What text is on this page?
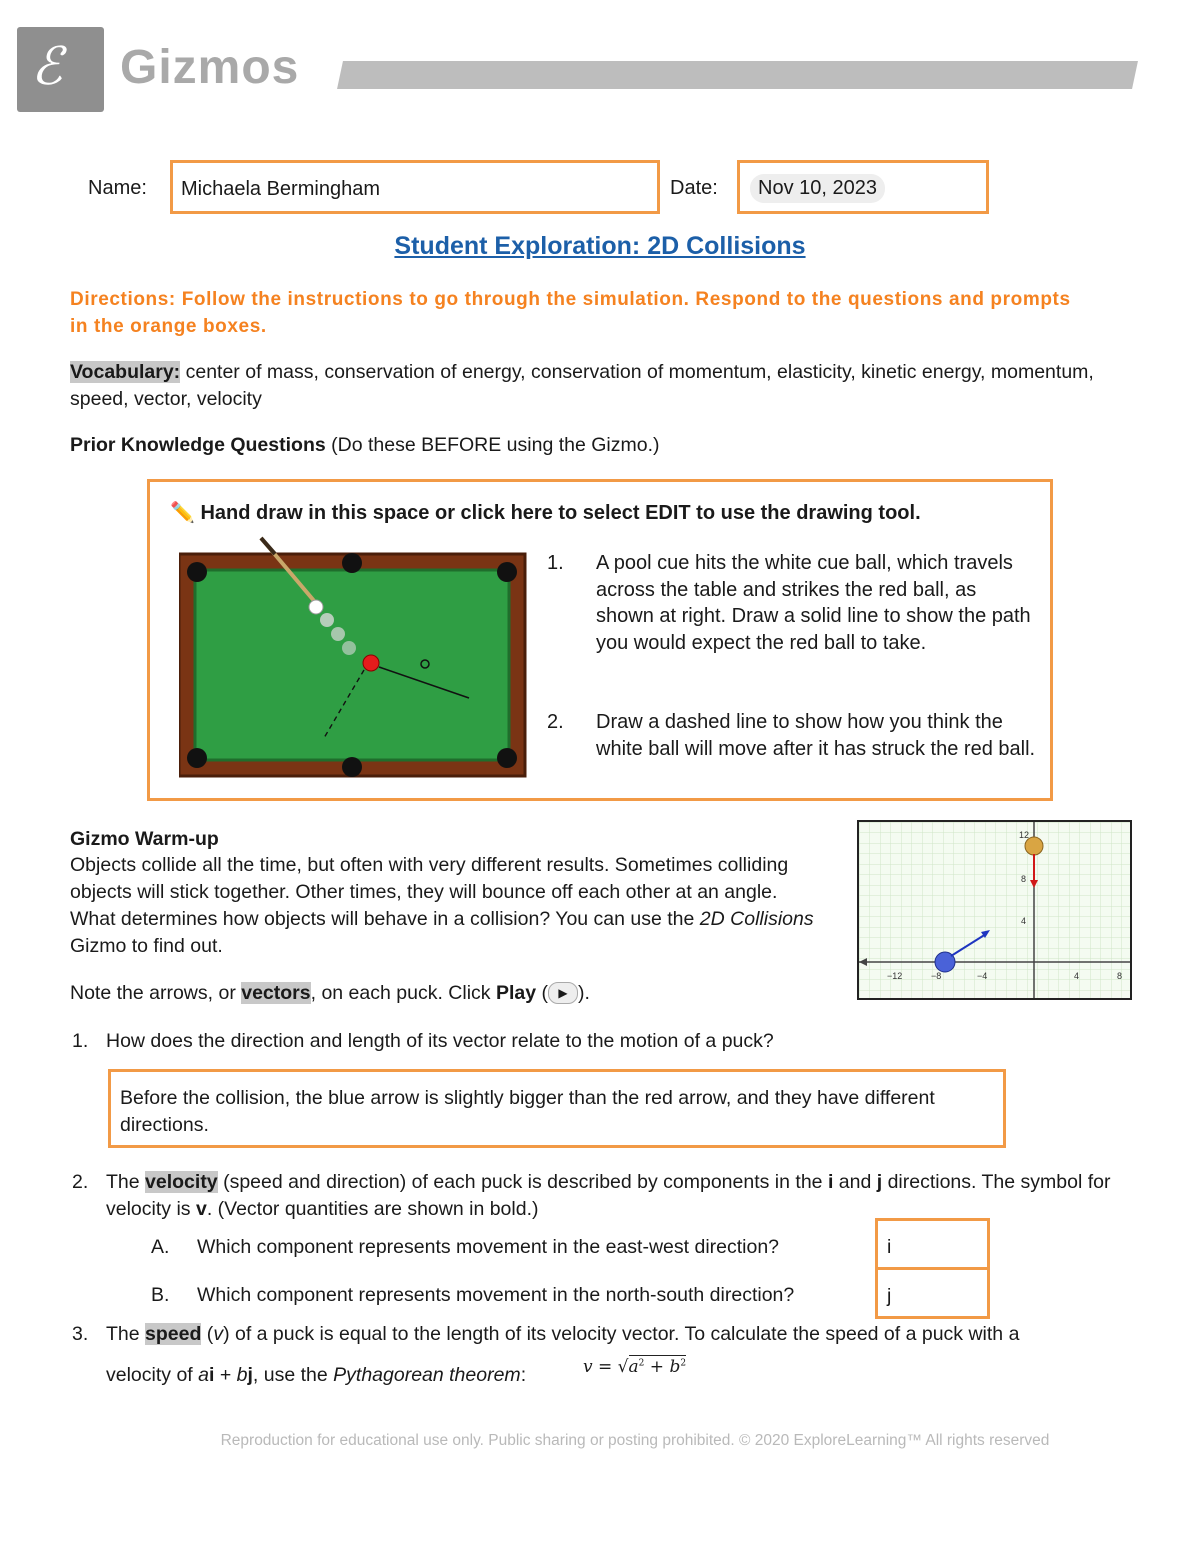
ℰ Gizmos
Name: Michaela Bermingham	Date:	Nov 10, 2023
Student Exploration: 2D Collisions
Directions: Follow the instructions to go through the simulation. Respond to the questions and prompts in the orange boxes.
Vocabulary: center of mass, conservation of energy, conservation of momentum, elasticity, kinetic energy, momentum, speed, vector, velocity
Prior Knowledge Questions (Do these BEFORE using the Gizmo.)
✏️ Hand draw in this space or click here to select EDIT to use the drawing tool.
1. A pool cue hits the white cue ball, which travels across the table and strikes the red ball, as shown at right. Draw a solid line to show the path you would expect the red ball to take.
2. Draw a dashed line to show how you think the white ball will move after it has struck the red ball.
Gizmo Warm-up
Objects collide all the time, but often with very different results. Sometimes colliding objects will stick together. Other times, they will bounce off each other at an angle. What determines how objects will behave in a collision? You can use the 2D Collisions Gizmo to find out.
Note the arrows, or vectors, on each puck. Click Play ( ▶ ).
−12	−8	−4	4	8
12
8
4
1. How does the direction and length of its vector relate to the motion of a puck?
Before the collision, the blue arrow is slightly bigger than the red arrow, and they have different directions.
2. The velocity (speed and direction) of each puck is described by components in the i and j directions. The symbol for velocity is v. (Vector quantities are shown in bold.)
A. Which component represents movement in the east-west direction?	i
B. Which component represents movement in the north-south direction?	j
3. The speed (v) of a puck is equal to the length of its velocity vector. To calculate the speed of a puck with a
velocity of ai + bj, use the Pythagorean theorem:	$v = √a^2 + b^2$
Reproduction for educational use only. Public sharing or posting prohibited. © 2020 ExploreLearning™ All rights reserved
